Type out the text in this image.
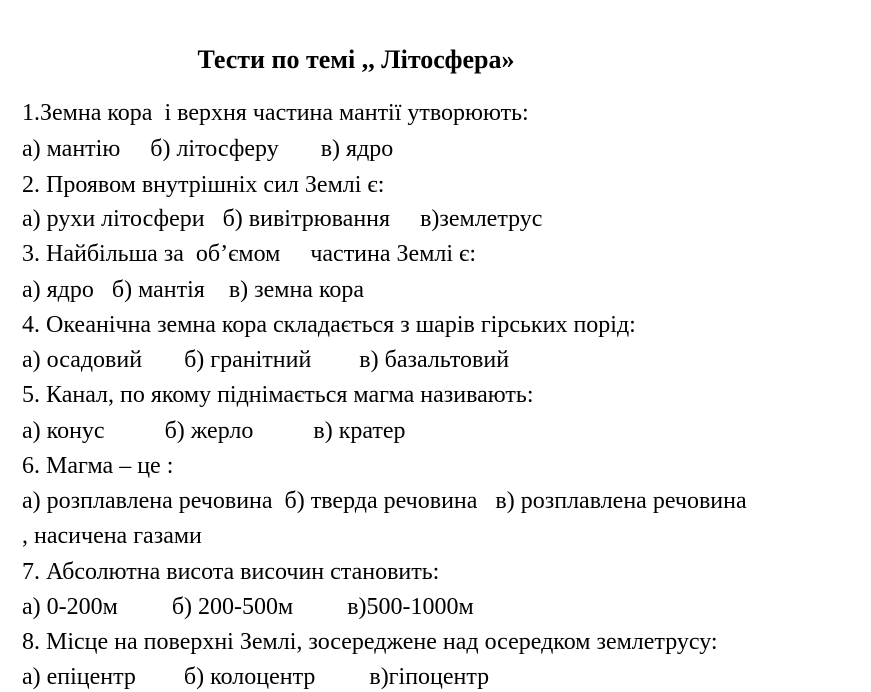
Тести по темі ,, Літосфера»
1.Земна кора  і верхня частина мантії утворюють:
а) мантію     б) літосферу       в) ядро
2. Проявом внутрішніх сил Землі є:
а) рухи літосфери   б) вивітрювання     в)землетрус
3. Найбільша за  об’ємом     частина Землі є:
а) ядро   б) мантія    в) земна кора
4. Океанічна земна кора складається з шарів гірських порід:
а) осадовий       б) гранітний        в) базальтовий
5. Канал, по якому піднімається магма називають:
а) конус          б) жерло          в) кратер
6. Магма – це :
а) розплавлена речовина  б) тверда речовина   в) розплавлена речовина
, насичена газами
7. Абсолютна висота височин становить:
а) 0-200м         б) 200-500м         в)500-1000м
8. Місце на поверхні Землі, зосереджене над осередком землетрусу:
а) епіцентр        б) колоцентр         в)гіпоцентр
